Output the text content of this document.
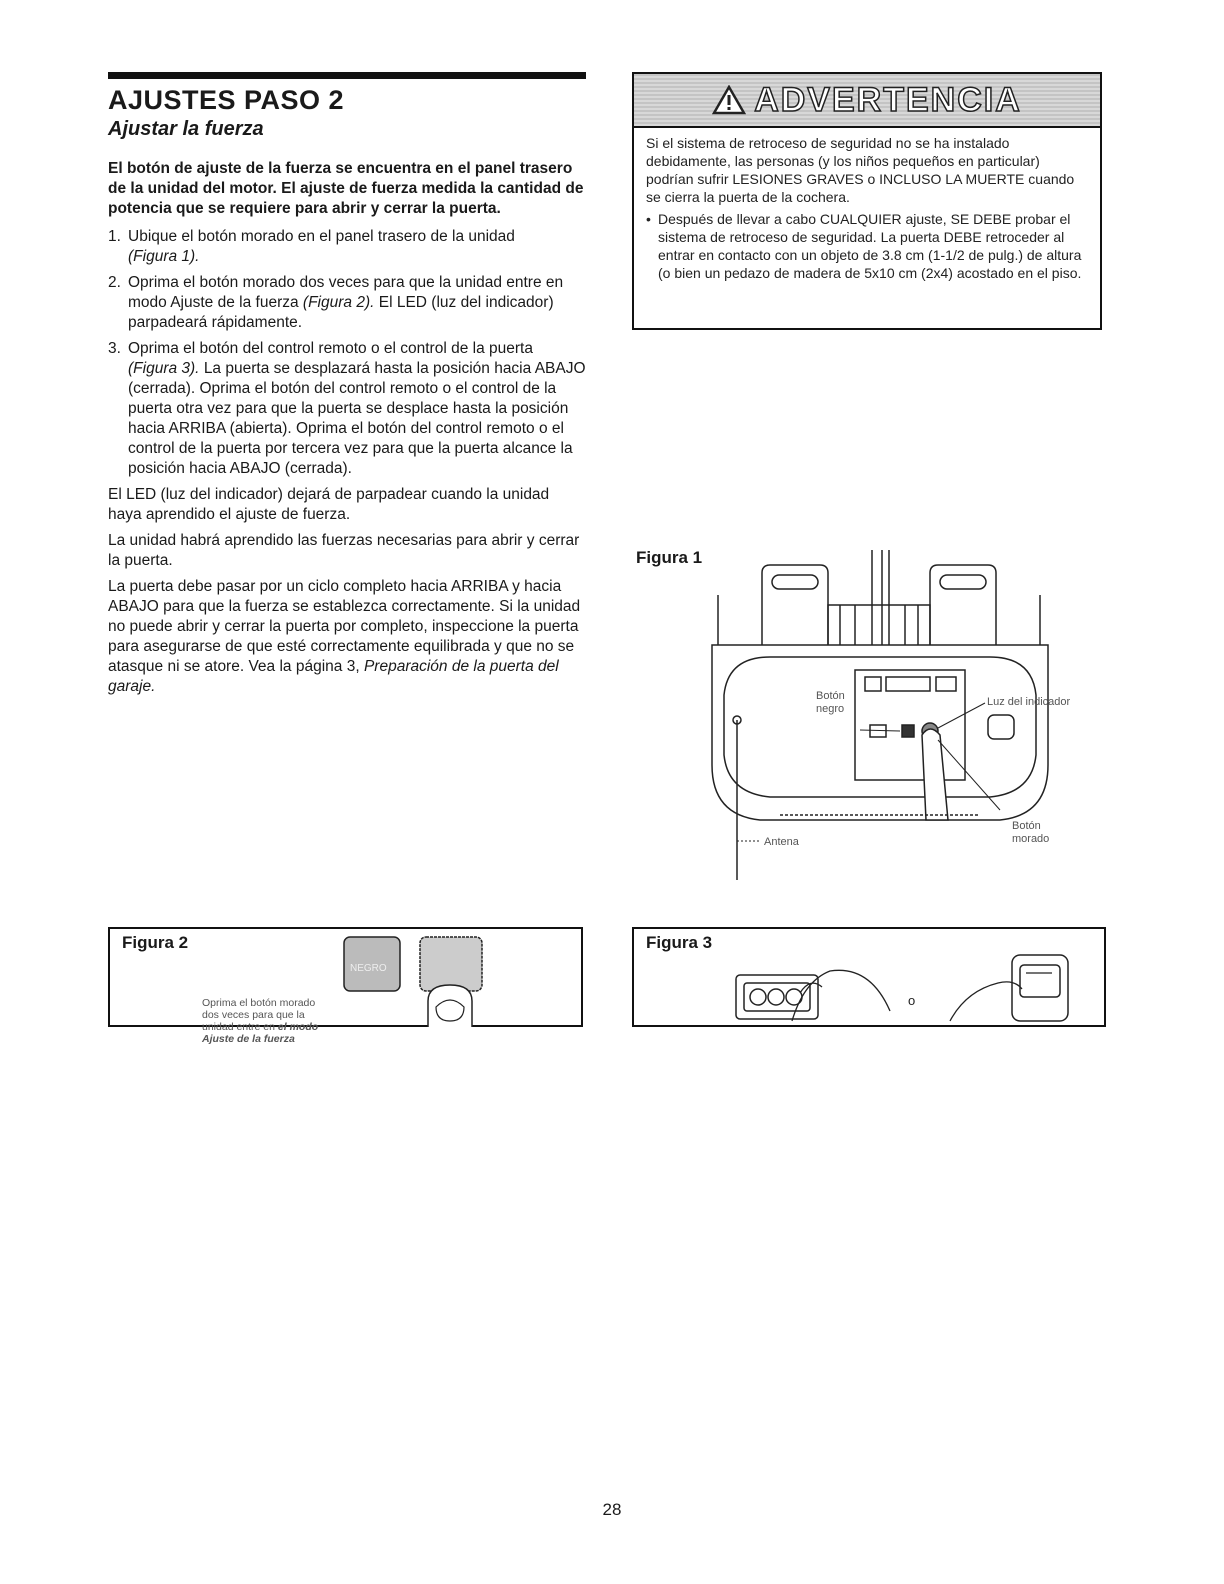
AJUSTES PASO 2
Ajustar la fuerza

El botón de ajuste de la fuerza se encuentra en el panel trasero de la unidad del motor. El ajuste de fuerza medida la cantidad de potencia que se requiere para abrir y cerrar la puerta.

1. Ubique el botón morado en el panel trasero de la unidad
(Figura 1).
2. Oprima el botón morado dos veces para que la unidad entre en modo Ajuste de la fuerza (Figura 2). El LED (luz del indicador) parpadeará rápidamente.
3. Oprima el botón del control remoto o el control de la puerta (Figura 3). La puerta se desplazará hasta la posición hacia ABAJO (cerrada). Oprima el botón del control remoto o el control de la puerta otra vez para que la puerta se desplace hasta la posición hacia ARRIBA (abierta). Oprima el botón del control remoto o el control de la puerta por tercera vez para que la puerta alcance la posición hacia ABAJO (cerrada).

El LED (luz del indicador) dejará de parpadear cuando la unidad haya aprendido el ajuste de fuerza.

La unidad habrá aprendido las fuerzas necesarias para abrir y cerrar la puerta.

La puerta debe pasar por un ciclo completo hacia ARRIBA y hacia ABAJO para que la fuerza se establezca correctamente. Si la unidad no puede abrir y cerrar la puerta por completo, inspeccione la puerta para asegurarse de que esté correctamente equilibrada y que no se atasque ni se atore. Vea la página 3, Preparación de la puerta del garaje.

ADVERTENCIA

Si el sistema de retroceso de seguridad no se ha instalado debidamente, las personas (y los niños pequeños en particular) podrían sufrir LESIONES GRAVES o INCLUSO LA MUERTE cuando se cierra la puerta de la cochera.

• Después de llevar a cabo CUALQUIER ajuste, SE DEBE probar el sistema de retroceso de seguridad. La puerta DEBE retroceder al entrar en contacto con un objeto de 3.8 cm (1-1/2 de pulg.) de altura (o bien un pedazo de madera de 5x10 cm (2x4) acostado en el piso.
Figura 1
Botón
negro
Luz del indicador
Botón
morado
Antena
Figura 2
Oprima el botón morado
dos veces para que la
unidad entre en el modo
Ajuste de la fuerza
NEGRO
Figura 3
o
28
